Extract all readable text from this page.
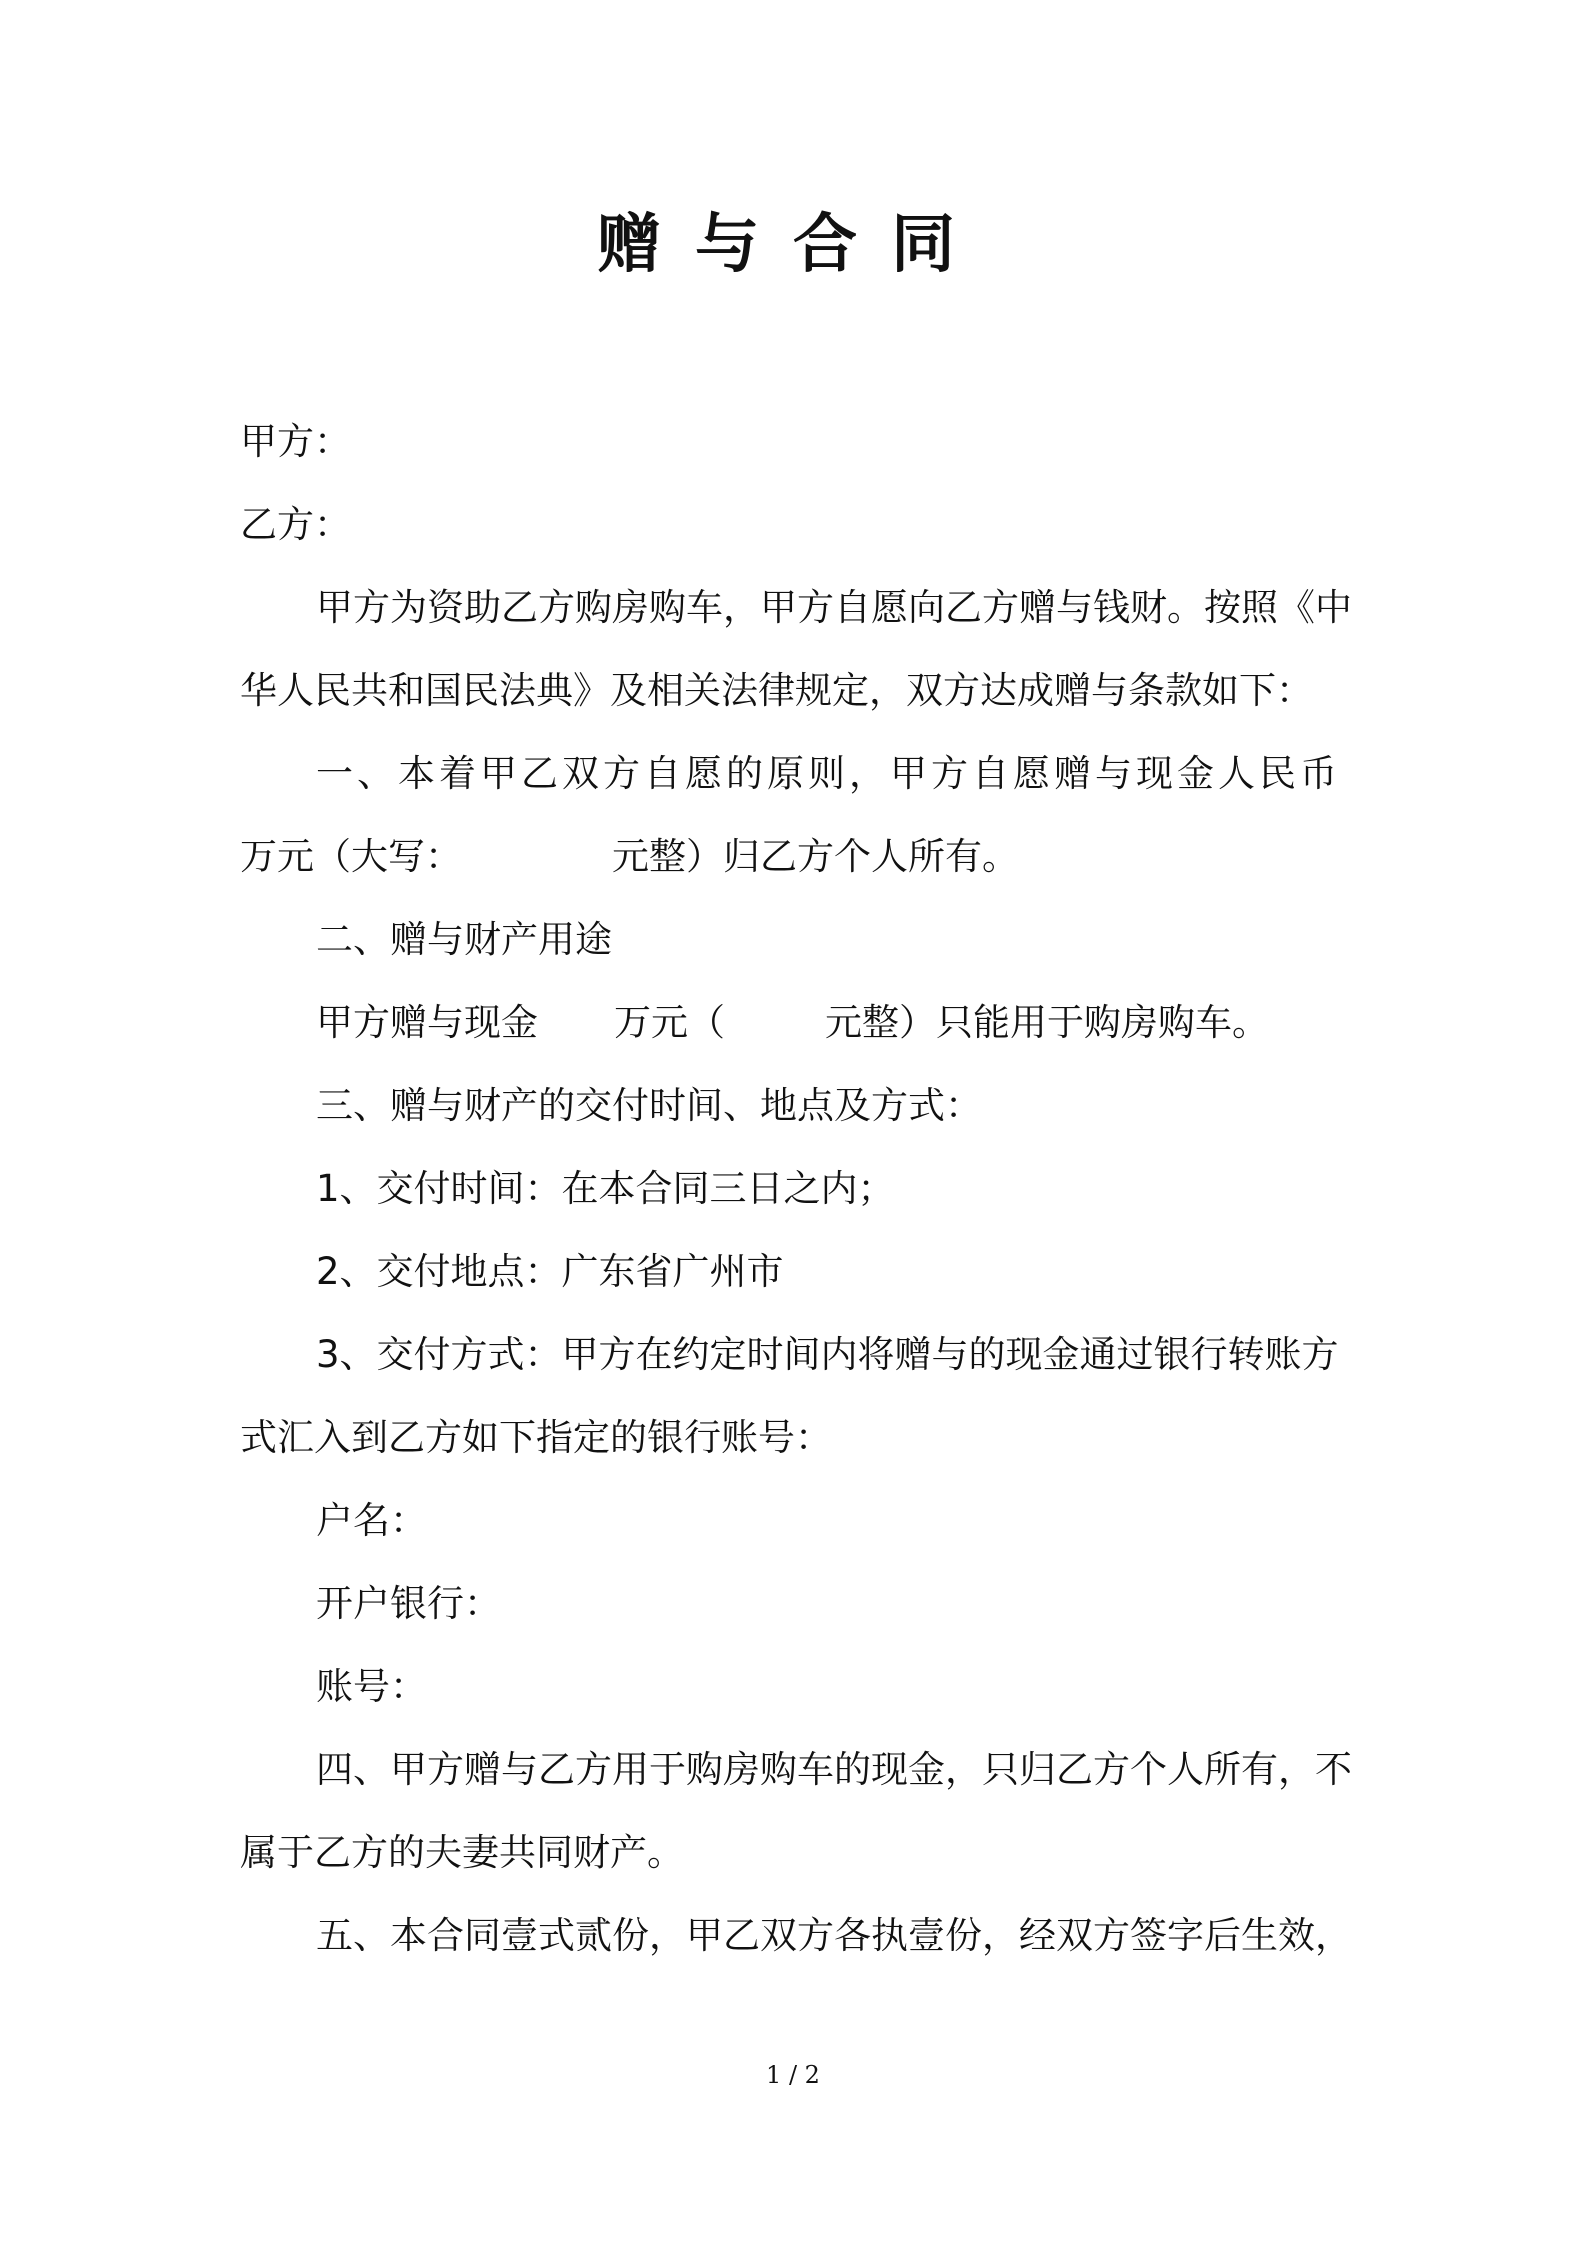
赠与合同

甲方：

乙方：

甲方为资助乙方购房购车，甲方自愿向乙方赠与钱财。按照《中

华人民共和国民法典》及相关法律规定，双方达成赠与条款如下：

一、本着甲乙双方自愿的原则，甲方自愿赠与现金人民币

万元（大写：	元整）归乙方个人所有。

二、赠与财产用途

甲方赠与现金 万元（	元整）只能用于购房购车。

三、赠与财产的交付时间、地点及方式：

1、交付时间：在本合同三日之内；

2、交付地点：广东省广州市

3、交付方式：甲方在约定时间内将赠与的现金通过银行转账方

式汇入到乙方如下指定的银行账号：

户名：

开户银行：

账号：

四、甲方赠与乙方用于购房购车的现金，只归乙方个人所有，不

属于乙方的夫妻共同财产。

五、本合同壹式贰份，甲乙双方各执壹份，经双方签字后生效，

1 / 2
